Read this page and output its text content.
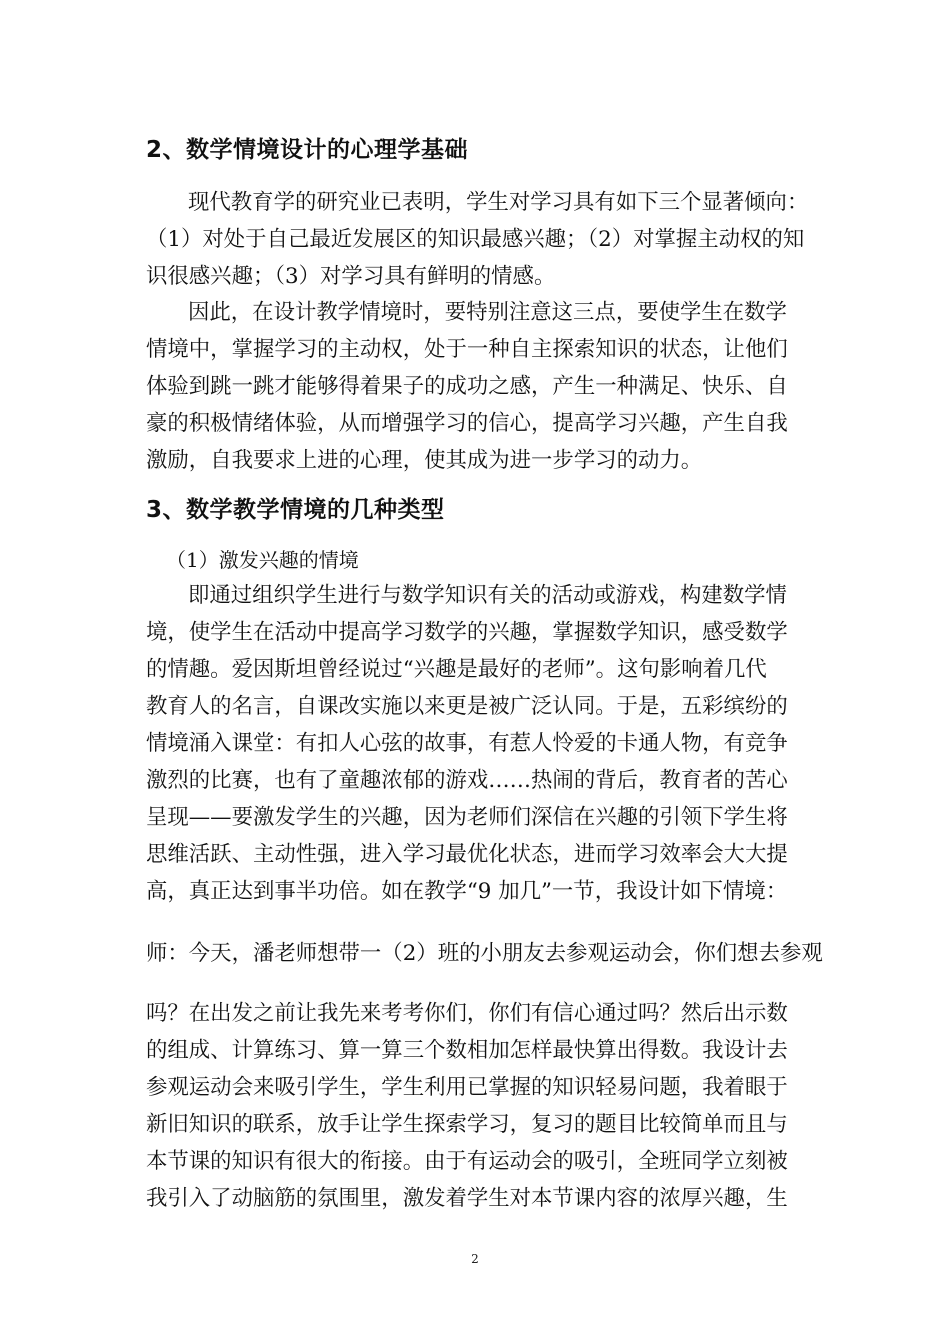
2、数学情境设计的心理学基础
现代教育学的研究业已表明，学生对学习具有如下三个显著倾向：
（1）对处于自己最近发展区的知识最感兴趣；（2）对掌握主动权的知
识很感兴趣；（3）对学习具有鲜明的情感。
因此，在设计教学情境时，要特别注意这三点，要使学生在数学
情境中，掌握学习的主动权，处于一种自主探索知识的状态，让他们
体验到跳一跳才能够得着果子的成功之感，产生一种满足、快乐、自
豪的积极情绪体验，从而增强学习的信心，提高学习兴趣，产生自我
激励，自我要求上进的心理，使其成为进一步学习的动力。
3、数学教学情境的几种类型
（1）激发兴趣的情境
即通过组织学生进行与数学知识有关的活动或游戏，构建数学情
境，使学生在活动中提高学习数学的兴趣，掌握数学知识，感受数学
的情趣。爱因斯坦曾经说过“兴趣是最好的老师”。这句影响着几代
教育人的名言，自课改实施以来更是被广泛认同。于是，五彩缤纷的
情境涌入课堂：有扣人心弦的故事，有惹人怜爱的卡通人物，有竞争
激烈的比赛，也有了童趣浓郁的游戏……热闹的背后，教育者的苦心
呈现——要激发学生的兴趣，因为老师们深信在兴趣的引领下学生将
思维活跃、主动性强，进入学习最优化状态，进而学习效率会大大提
高，真正达到事半功倍。如在教学“9 加几”一节，我设计如下情境：
师：今天，潘老师想带一（2）班的小朋友去参观运动会，你们想去参观
吗？在出发之前让我先来考考你们，你们有信心通过吗？然后出示数
的组成、计算练习、算一算三个数相加怎样最快算出得数。我设计去
参观运动会来吸引学生，学生利用已掌握的知识轻易问题，我着眼于
新旧知识的联系，放手让学生探索学习，复习的题目比较简单而且与
本节课的知识有很大的衔接。由于有运动会的吸引，全班同学立刻被
我引入了动脑筋的氛围里，激发着学生对本节课内容的浓厚兴趣，生
2
